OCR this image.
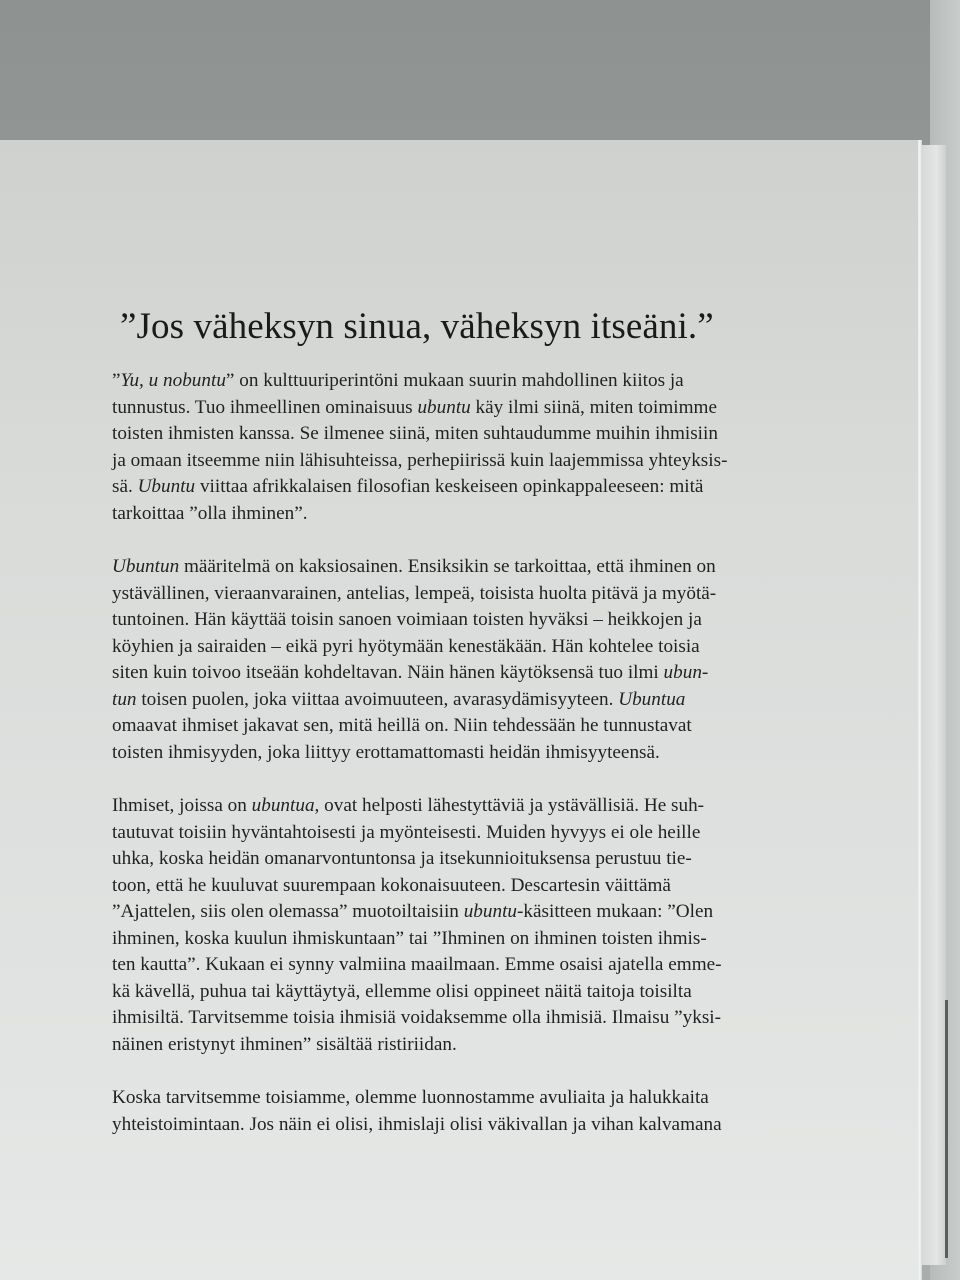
”Jos väheksyn sinua, väheksyn itseäni.”

”Yu, u nobuntu” on kulttuuriperintöni mukaan suurin mahdollinen kiitos ja
tunnustus. Tuo ihmeellinen ominaisuus ubuntu käy ilmi siinä, miten toimimme
toisten ihmisten kanssa. Se ilmenee siinä, miten suhtaudumme muihin ihmisiin
ja omaan itseemme niin lähisuhteissa, perhepiirissä kuin laajemmissa yhteyksis-
sä. Ubuntu viittaa afrikkalaisen filosofian keskeiseen opinkappaleeseen: mitä
tarkoittaa ”olla ihminen”.

Ubuntun määritelmä on kaksiosainen. Ensiksikin se tarkoittaa, että ihminen on
ystävällinen, vieraanvarainen, antelias, lempeä, toisista huolta pitävä ja myötä-
tuntoinen. Hän käyttää toisin sanoen voimiaan toisten hyväksi – heikkojen ja
köyhien ja sairaiden – eikä pyri hyötymään kenestäkään. Hän kohtelee toisia
siten kuin toivoo itseään kohdeltavan. Näin hänen käytöksensä tuo ilmi ubun-
tun toisen puolen, joka viittaa avoimuuteen, avarasydämisyyteen. Ubuntua
omaavat ihmiset jakavat sen, mitä heillä on. Niin tehdessään he tunnustavat
toisten ihmisyyden, joka liittyy erottamattomasti heidän ihmisyyteensä.

Ihmiset, joissa on ubuntua, ovat helposti lähestyttäviä ja ystävällisiä. He suh-
tautuvat toisiin hyväntahtoisesti ja myönteisesti. Muiden hyvyys ei ole heille
uhka, koska heidän omanarvontuntonsa ja itsekunnioituksensa perustuu tie-
toon, että he kuuluvat suurempaan kokonaisuuteen. Descartesin väittämä
”Ajattelen, siis olen olemassa” muotoiltaisiin ubuntu-käsitteen mukaan: ”Olen
ihminen, koska kuulun ihmiskuntaan” tai ”Ihminen on ihminen toisten ihmis-
ten kautta”. Kukaan ei synny valmiina maailmaan. Emme osaisi ajatella emme-
kä kävellä, puhua tai käyttäytyä, ellemme olisi oppineet näitä taitoja toisilta
ihmisiltä. Tarvitsemme toisia ihmisiä voidaksemme olla ihmisiä. Ilmaisu ”yksi-
näinen eristynyt ihminen” sisältää ristiriidan.

Koska tarvitsemme toisiamme, olemme luonnostamme avuliaita ja halukkaita
yhteistoimintaan. Jos näin ei olisi, ihmislaji olisi väkivallan ja vihan kalvamana
